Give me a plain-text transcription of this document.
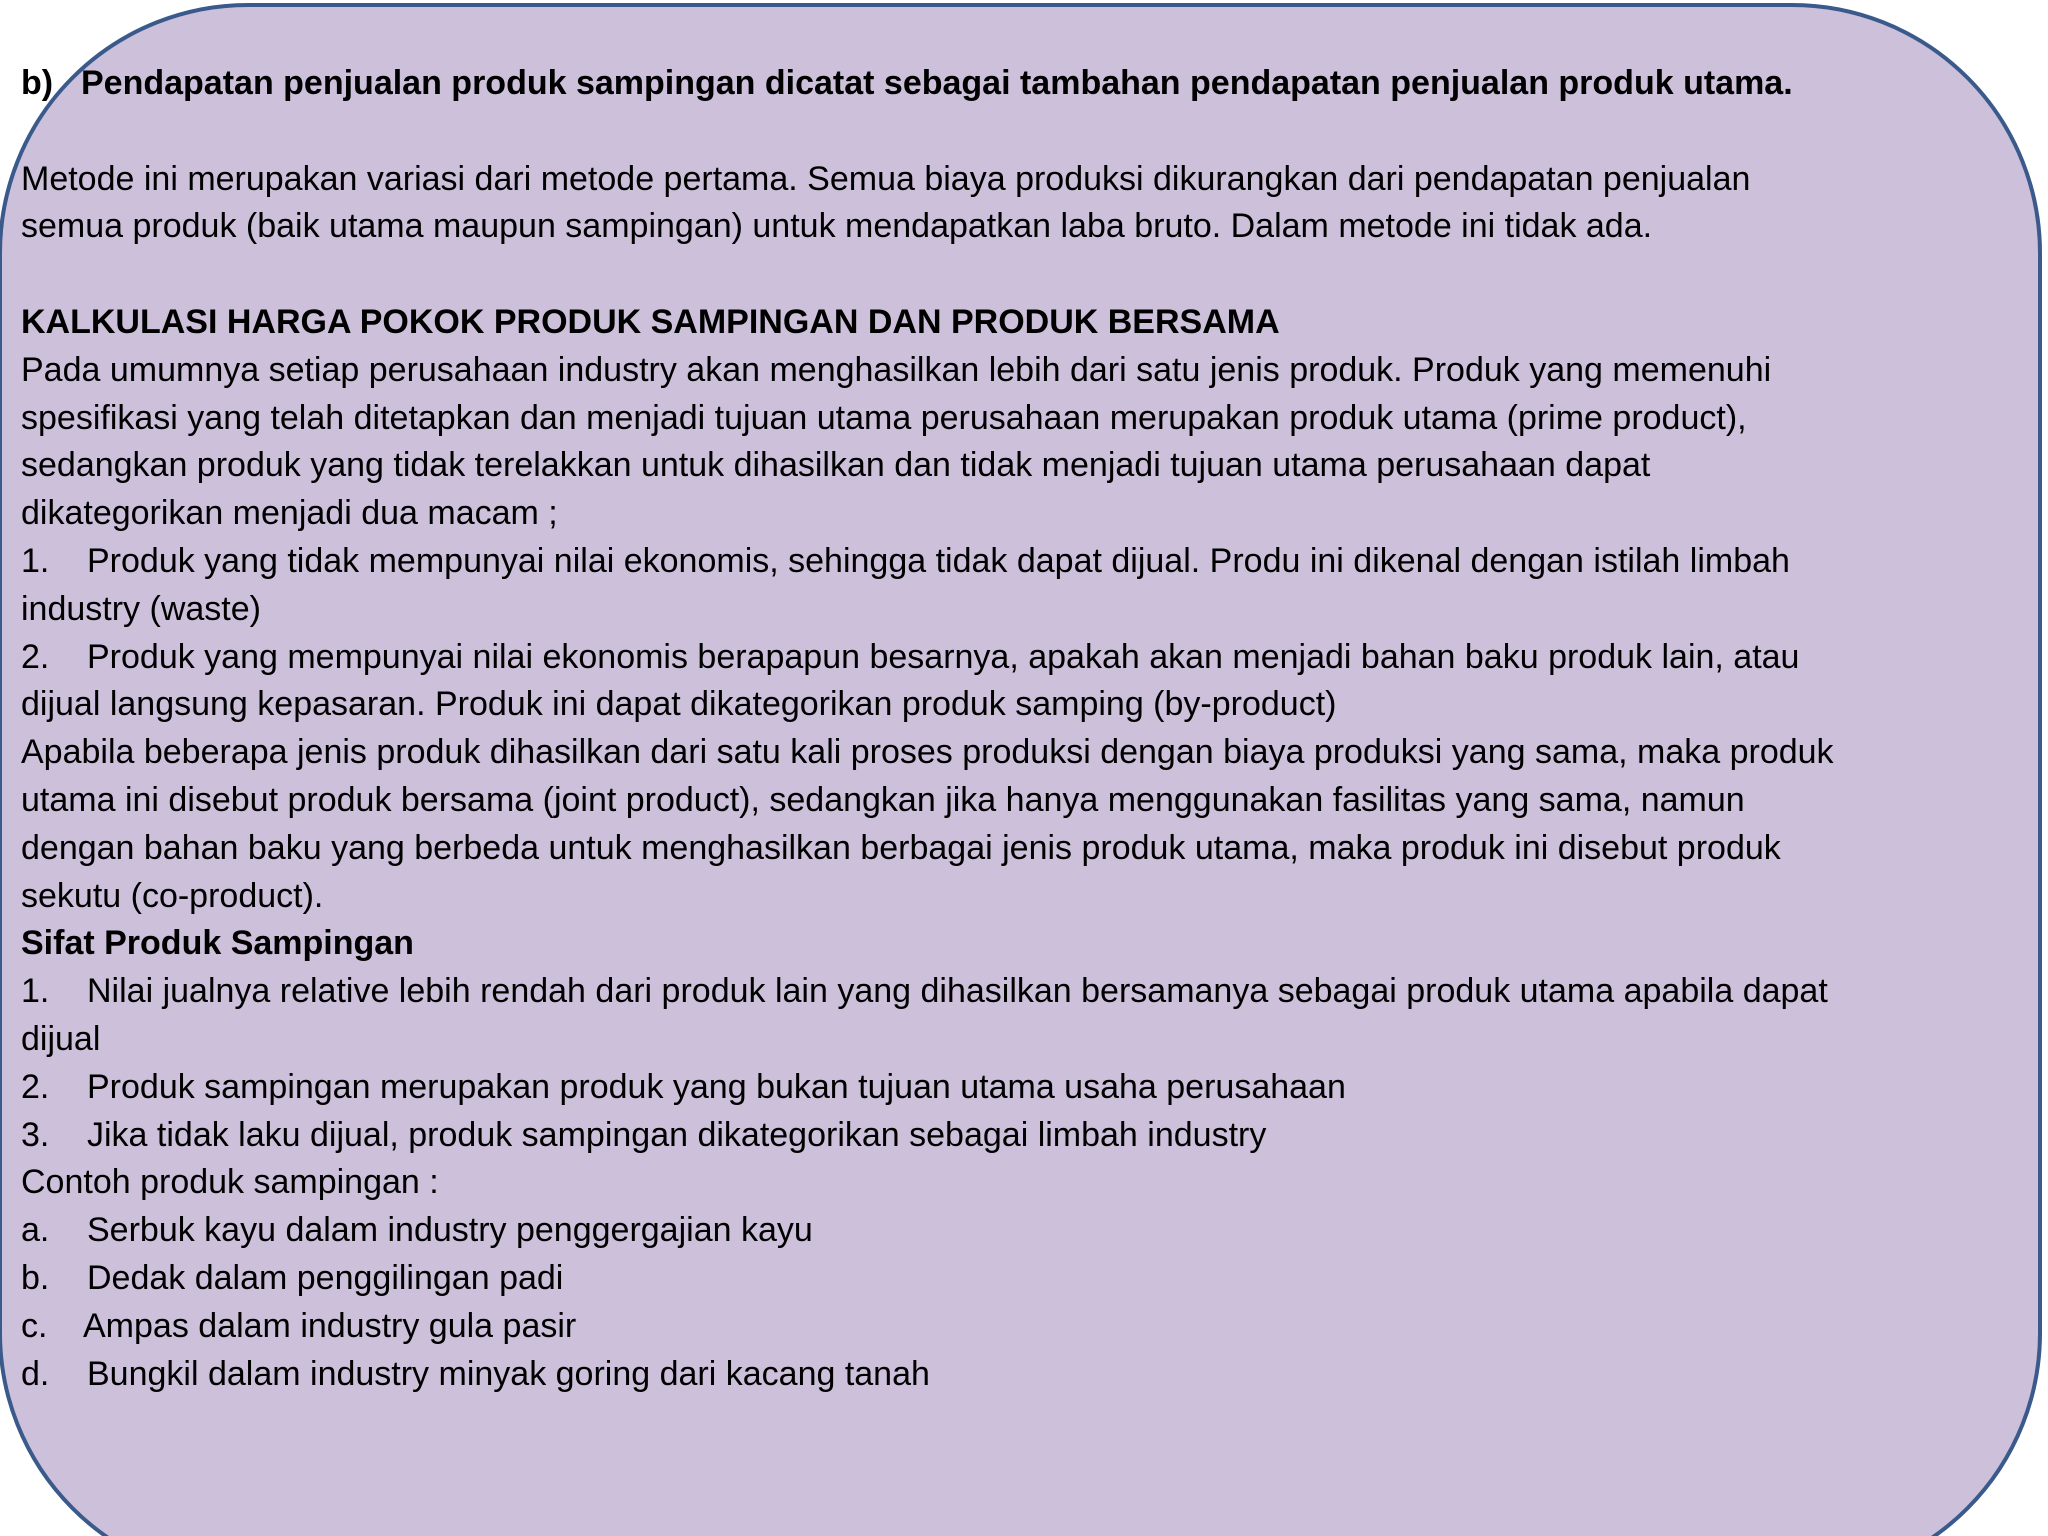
b) Pendapatan penjualan produk sampingan dicatat sebagai tambahan pendapatan penjualan produk utama.
Metode ini merupakan variasi dari metode pertama. Semua biaya produksi dikurangkan dari pendapatan penjualan
semua produk (baik utama maupun sampingan) untuk mendapatkan laba bruto. Dalam metode ini tidak ada.
KALKULASI HARGA POKOK PRODUK SAMPINGAN DAN PRODUK BERSAMA
Pada umumnya setiap perusahaan industry akan menghasilkan lebih dari satu jenis produk. Produk yang memenuhi
spesifikasi yang telah ditetapkan dan menjadi tujuan utama perusahaan merupakan produk utama (prime product),
sedangkan produk yang tidak terelakkan untuk dihasilkan dan tidak menjadi tujuan utama perusahaan dapat
dikategorikan menjadi dua macam ;
1. Produk yang tidak mempunyai nilai ekonomis, sehingga tidak dapat dijual. Produ ini dikenal dengan istilah limbah
industry (waste)
2. Produk yang mempunyai nilai ekonomis berapapun besarnya, apakah akan menjadi bahan baku produk lain, atau
dijual langsung kepasaran. Produk ini dapat dikategorikan produk samping (by-product)
Apabila beberapa jenis produk dihasilkan dari satu kali proses produksi dengan biaya produksi yang sama, maka produk
utama ini disebut produk bersama (joint product), sedangkan jika hanya menggunakan fasilitas yang sama, namun
dengan bahan baku yang berbeda untuk menghasilkan berbagai jenis produk utama, maka produk ini disebut produk
sekutu (co-product).
Sifat Produk Sampingan
1. Nilai jualnya relative lebih rendah dari produk lain yang dihasilkan bersamanya sebagai produk utama apabila dapat
dijual
2. Produk sampingan merupakan produk yang bukan tujuan utama usaha perusahaan
3. Jika tidak laku dijual, produk sampingan dikategorikan sebagai limbah industry
Contoh produk sampingan :
a. Serbuk kayu dalam industry penggergajian kayu
b. Dedak dalam penggilingan padi
c. Ampas dalam industry gula pasir
d. Bungkil dalam industry minyak goring dari kacang tanah
